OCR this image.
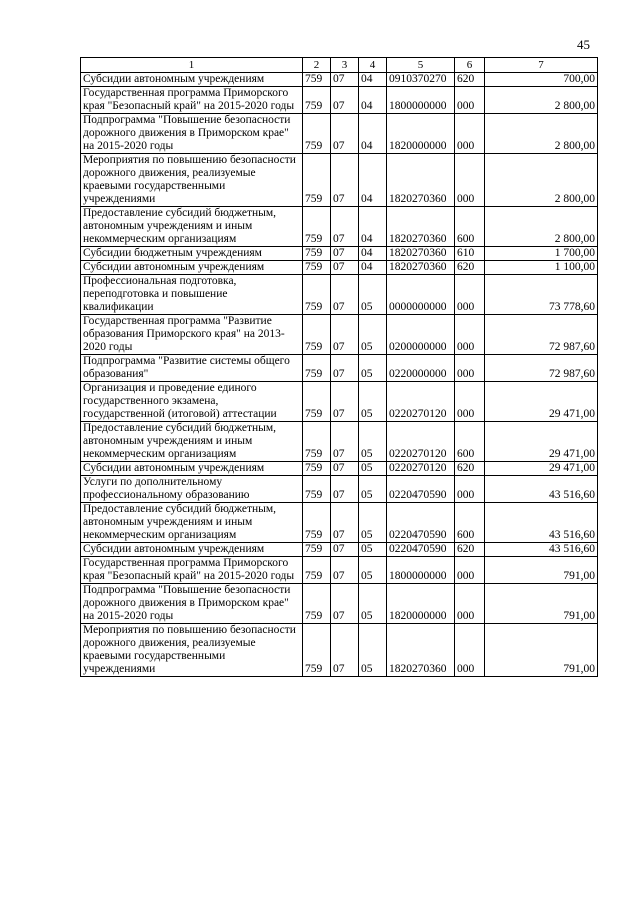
45
1	2	3	4	5	6	7
Субсидии автономным учреждениям	759	07	04	0910370270	620	700,00
Государственная программа Приморского края "Безопасный край" на 2015-2020 годы	759	07	04	1800000000	000	2 800,00
Подпрограмма "Повышение безопасности дорожного движения в Приморском крае" на 2015-2020 годы	759	07	04	1820000000	000	2 800,00
Мероприятия по повышению безопасности дорожного движения, реализуемые краевыми государственными учреждениями	759	07	04	1820270360	000	2 800,00
Предоставление субсидий бюджетным, автономным учреждениям и иным некоммерческим организациям	759	07	04	1820270360	600	2 800,00
Субсидии бюджетным учреждениям	759	07	04	1820270360	610	1 700,00
Субсидии автономным учреждениям	759	07	04	1820270360	620	1 100,00
Профессиональная подготовка, переподготовка и повышение квалификации	759	07	05	0000000000	000	73 778,60
Государственная программа "Развитие образования Приморского края" на 2013-2020 годы	759	07	05	0200000000	000	72 987,60
Подпрограмма "Развитие системы общего образования"	759	07	05	0220000000	000	72 987,60
Организация и проведение единого государственного экзамена, государственной (итоговой) аттестации	759	07	05	0220270120	000	29 471,00
Предоставление субсидий бюджетным, автономным учреждениям и иным некоммерческим организациям	759	07	05	0220270120	600	29 471,00
Субсидии автономным учреждениям	759	07	05	0220270120	620	29 471,00
Услуги по дополнительному профессиональному образованию	759	07	05	0220470590	000	43 516,60
Предоставление субсидий бюджетным, автономным учреждениям и иным некоммерческим организациям	759	07	05	0220470590	600	43 516,60
Субсидии автономным учреждениям	759	07	05	0220470590	620	43 516,60
Государственная программа Приморского края "Безопасный край" на 2015-2020 годы	759	07	05	1800000000	000	791,00
Подпрограмма "Повышение безопасности дорожного движения в Приморском крае" на 2015-2020 годы	759	07	05	1820000000	000	791,00
Мероприятия по повышению безопасности дорожного движения, реализуемые краевыми государственными учреждениями	759	07	05	1820270360	000	791,00
